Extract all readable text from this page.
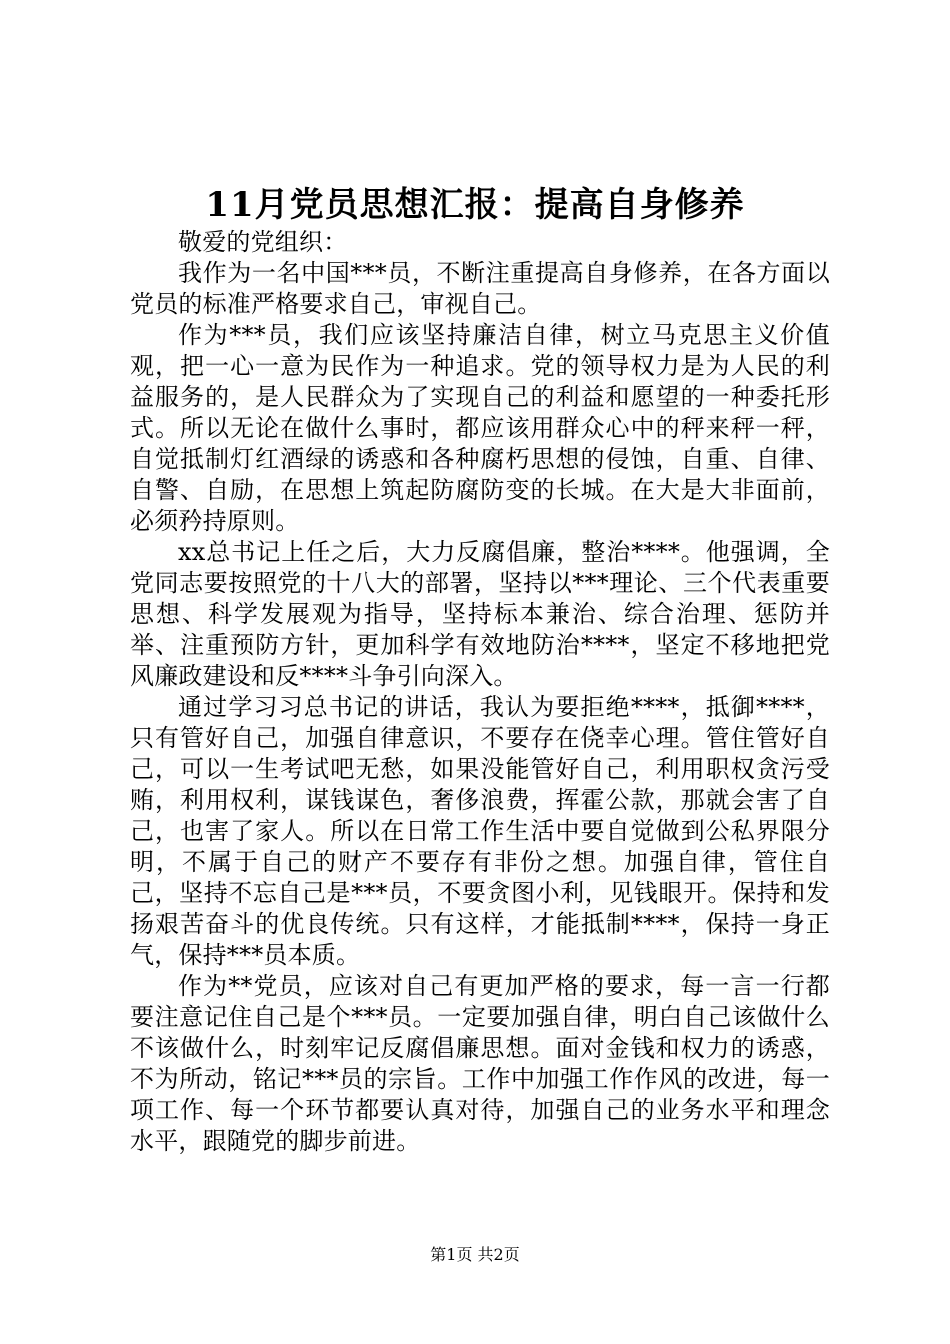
11月党员思想汇报：提高自身修养

敬爱的党组织：

我作为一名中国***员，不断注重提高自身修养，在各方面以党员的标准严格要求自己，审视自己。

作为***员，我们应该坚持廉洁自律，树立马克思主义价值观，把一心一意为民作为一种追求。党的领导权力是为人民的利益服务的，是人民群众为了实现自己的利益和愿望的一种委托形式。所以无论在做什么事时，都应该用群众心中的秤来秤一秤，自觉抵制灯红酒绿的诱惑和各种腐朽思想的侵蚀，自重、自律、自警、自励，在思想上筑起防腐防变的长城。在大是大非面前，必须矜持原则。

xx总书记上任之后，大力反腐倡廉，整治****。他强调，全党同志要按照党的十八大的部署，坚持以***理论、三个代表重要思想、科学发展观为指导，坚持标本兼治、综合治理、惩防并举、注重预防方针，更加科学有效地防治****，坚定不移地把党风廉政建设和反****斗争引向深入。

通过学习习总书记的讲话，我认为要拒绝****，抵御****，只有管好自己，加强自律意识，不要存在侥幸心理。管住管好自己，可以一生考试吧无愁，如果没能管好自己，利用职权贪污受贿，利用权利，谋钱谋色，奢侈浪费，挥霍公款，那就会害了自己，也害了家人。所以在日常工作生活中要自觉做到公私界限分明，不属于自己的财产不要存有非份之想。加强自律，管住自己，坚持不忘自己是***员，不要贪图小利，见钱眼开。保持和发扬艰苦奋斗的优良传统。只有这样，才能抵制****，保持一身正气，保持***员本质。

作为**党员，应该对自己有更加严格的要求，每一言一行都要注意记住自己是个***员。一定要加强自律，明白自己该做什么不该做什么，时刻牢记反腐倡廉思想。面对金钱和权力的诱惑，不为所动，铭记***员的宗旨。工作中加强工作作风的改进，每一项工作、每一个环节都要认真对待，加强自己的业务水平和理念水平，跟随党的脚步前进。

第1页 共2页
